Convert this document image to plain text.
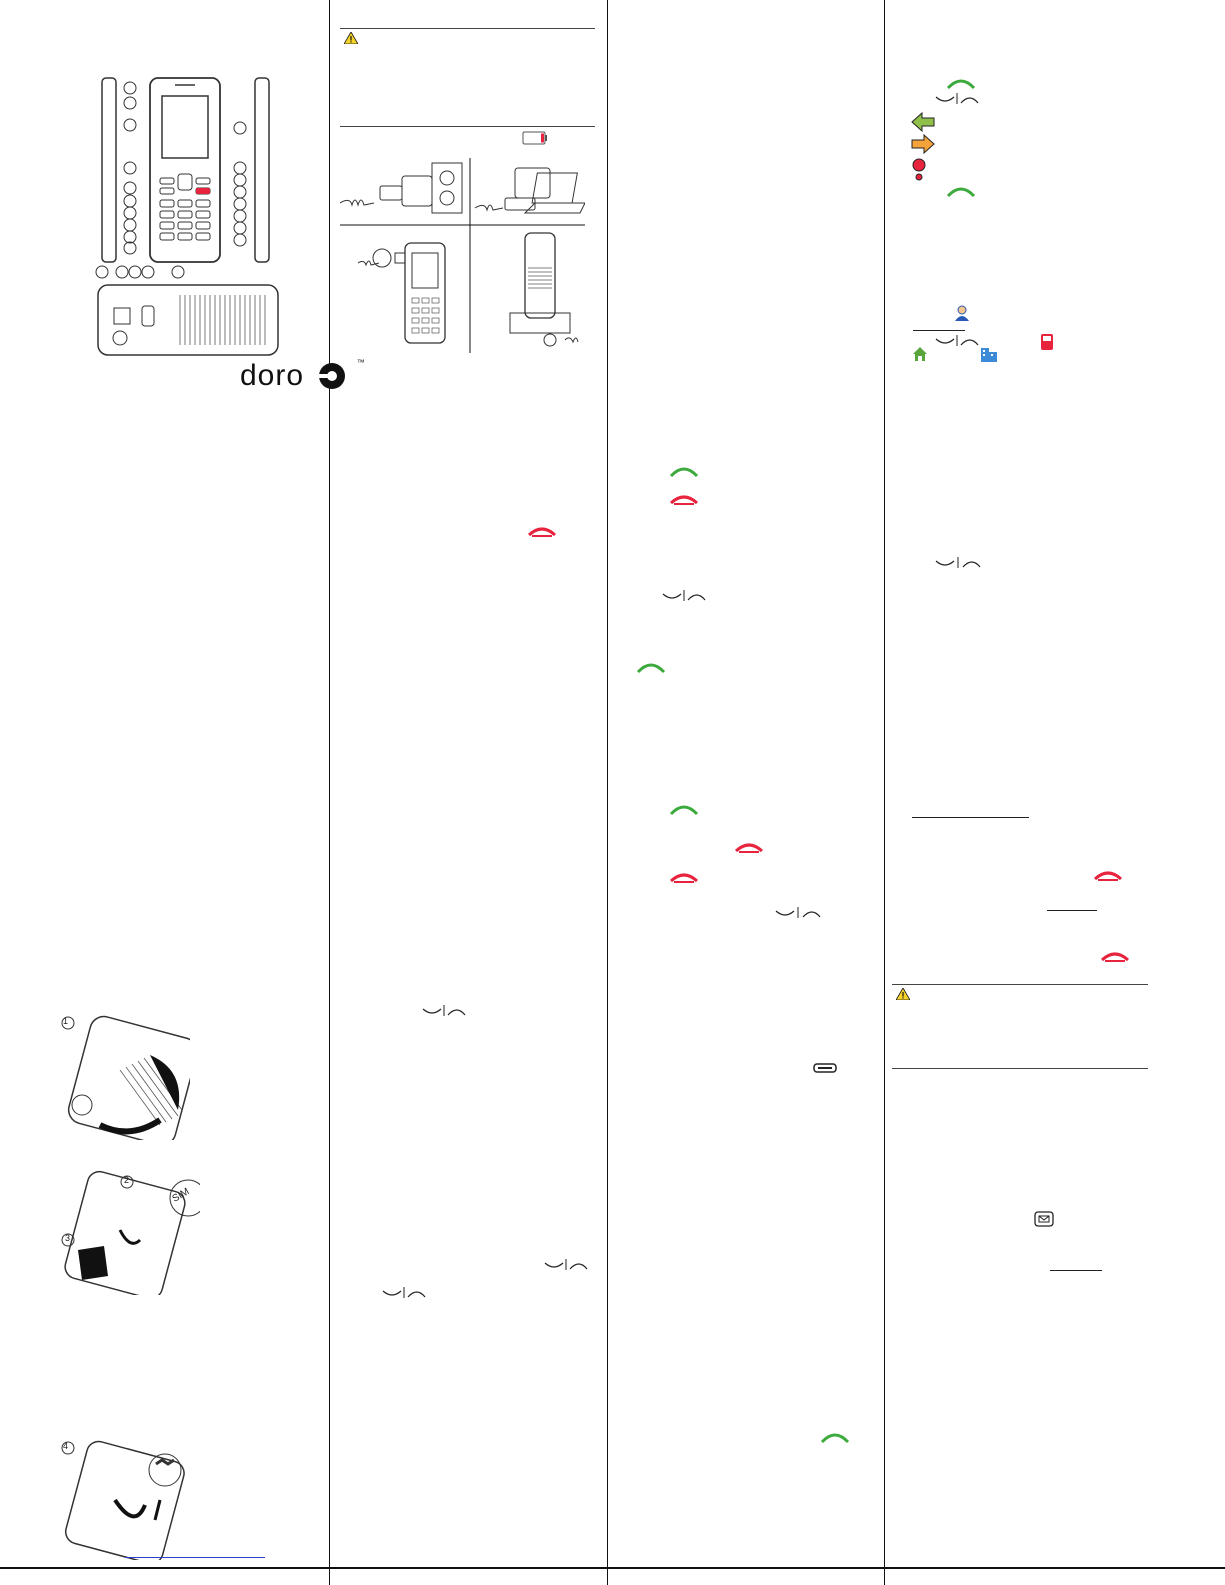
doro	™
1
SIM
2
3
4
